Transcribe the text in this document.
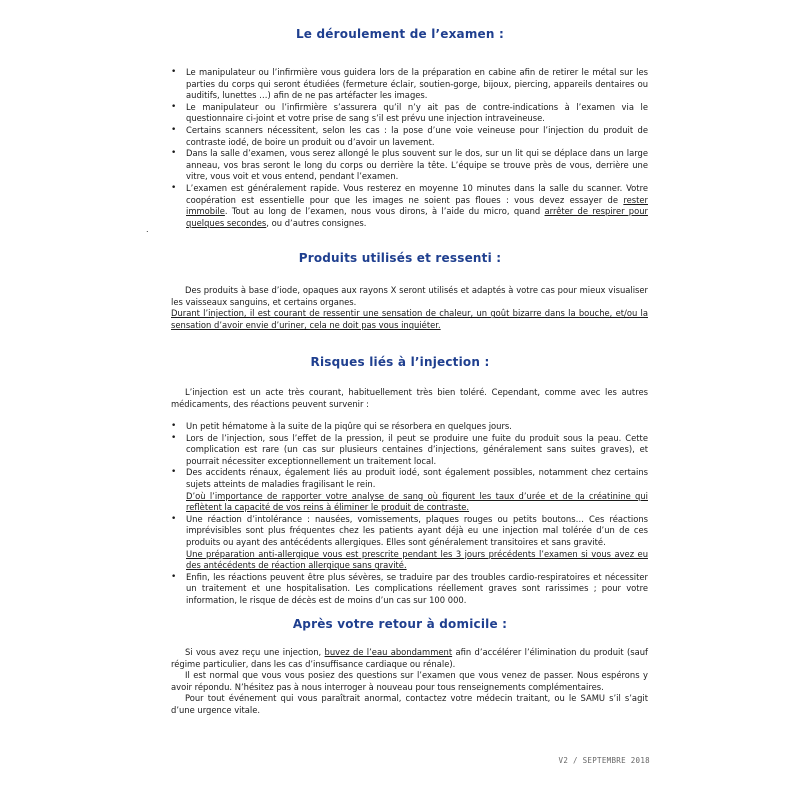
Le déroulement de l’examen :
• Le manipulateur ou l’infirmière vous guidera lors de la préparation en cabine afin de retirer le métal sur les parties du corps qui seront étudiées (fermeture éclair, soutien-gorge, bijoux, piercing, appareils dentaires ou auditifs, lunettes …) afin de ne pas artéfacter les images.
• Le manipulateur ou l’infirmière s’assurera qu’il n’y ait pas de contre-indications à l’examen via le questionnaire ci-joint et votre prise de sang s’il est prévu une injection intraveineuse.
• Certains scanners nécessitent, selon les cas : la pose d’une voie veineuse pour l’injection du produit de contraste iodé, de boire un produit ou d’avoir un lavement.
• Dans la salle d’examen, vous serez allongé le plus souvent sur le dos, sur un lit qui se déplace dans un large anneau, vos bras seront le long du corps ou derrière la tête. L’équipe se trouve près de vous, derrière une vitre, vous voit et vous entend, pendant l’examen.
• L’examen est généralement rapide. Vous resterez en moyenne 10 minutes dans la salle du scanner. Votre coopération est essentielle pour que les images ne soient pas floues : vous devez essayer de rester immobile. Tout au long de l’examen, nous vous dirons, à l’aide du micro, quand arrêter de respirer pour quelques secondes, ou d’autres consignes.
.
Produits utilisés et ressenti :

Des produits à base d’iode, opaques aux rayons X seront utilisés et adaptés à votre cas pour mieux visualiser les vaisseaux sanguins, et certains organes.
Durant l’injection, il est courant de ressentir une sensation de chaleur, un goût bizarre dans la bouche, et/ou la sensation d’avoir envie d’uriner, cela ne doit pas vous inquiéter.

Risques liés à l’injection :

L’injection est un acte très courant, habituellement très bien toléré. Cependant, comme avec les autres médicaments, des réactions peuvent survenir :

• Un petit hématome à la suite de la piqûre qui se résorbera en quelques jours.
• Lors de l’injection, sous l’effet de la pression, il peut se produire une fuite du produit sous la peau. Cette complication est rare (un cas sur plusieurs centaines d’injections, généralement sans suites graves), et pourrait nécessiter exceptionnellement un traitement local.
• Des accidents rénaux, également liés au produit iodé, sont également possibles, notamment chez certains sujets atteints de maladies fragilisant le rein.
D’où l’importance de rapporter votre analyse de sang où figurent les taux d’urée et de la créatinine qui reflètent la capacité de vos reins à éliminer le produit de contraste.
• Une réaction d’intolérance : nausées, vomissements, plaques rouges ou petits boutons… Ces réactions imprévisibles sont plus fréquentes chez les patients ayant déjà eu une injection mal tolérée d’un de ces produits ou ayant des antécédents allergiques. Elles sont généralement transitoires et sans gravité.
Une préparation anti-allergique vous est prescrite pendant les 3 jours précédents l’examen si vous avez eu des antécédents de réaction allergique sans gravité.
• Enfin, les réactions peuvent être plus sévères, se traduire par des troubles cardio-respiratoires et nécessiter un traitement et une hospitalisation. Les complications réellement graves sont rarissimes ; pour votre information, le risque de décès est de moins d’un cas sur 100 000.
Après votre retour à domicile :
Si vous avez reçu une injection, buvez de l’eau abondamment afin d’accélérer l’élimination du produit (sauf régime particulier, dans les cas d’insuffisance cardiaque ou rénale).
Il est normal que vous vous posiez des questions sur l’examen que vous venez de passer. Nous espérons y avoir répondu. N’hésitez pas à nous interroger à nouveau pour tous renseignements complémentaires.
Pour tout événement qui vous paraîtrait anormal, contactez votre médecin traitant, ou le SAMU s’il s’agit d’une urgence vitale.
V2 / SEPTEMBRE 2018
